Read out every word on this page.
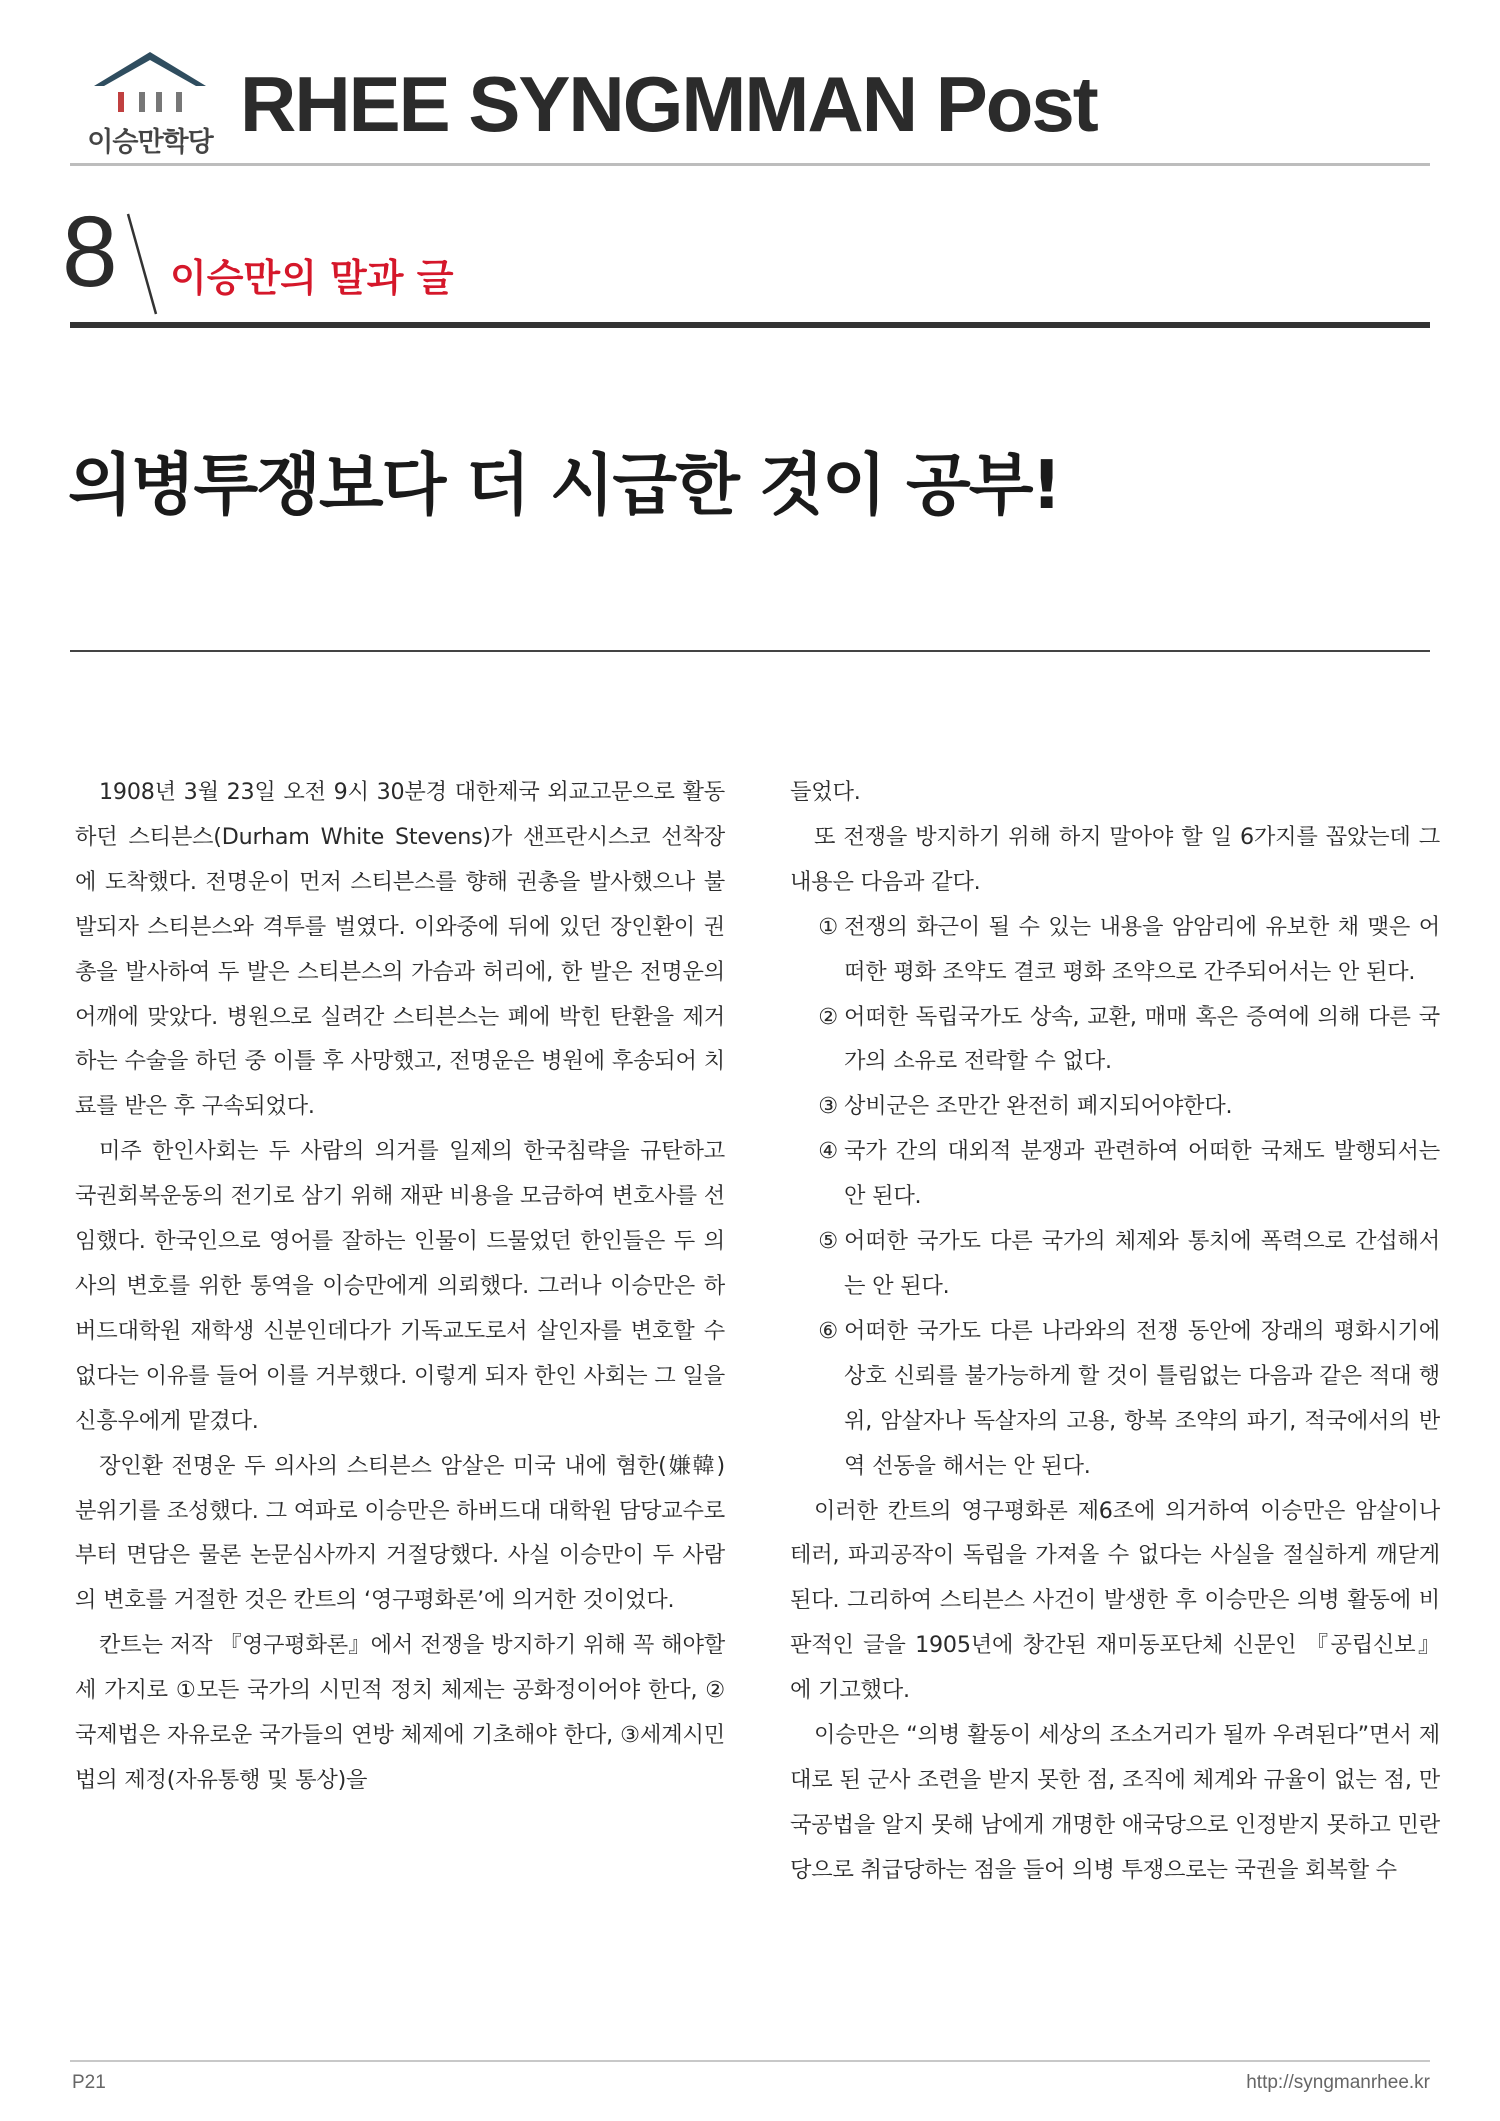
이승만학당 RHEE SYNGMMAN Post
8 이승만의 말과 글
의병투쟁보다 더 시급한 것이 공부!

1908년 3월 23일 오전 9시 30분경 대한제국 외교고문으로 활동하던 스티븐스(Durham White Stevens)가 샌프란시스코 선착장에 도착했다. 전명운이 먼저 스티븐스를 향해 권총을 발사했으나 불발되자 스티븐스와 격투를 벌였다. 이와중에 뒤에 있던 장인환이 권총을 발사하여 두 발은 스티븐스의 가슴과 허리에, 한 발은 전명운의 어깨에 맞았다. 병원으로 실려간 스티븐스는 폐에 박힌 탄환을 제거하는 수술을 하던 중 이틀 후 사망했고, 전명운은 병원에 후송되어 치료를 받은 후 구속되었다.

미주 한인사회는 두 사람의 의거를 일제의 한국침략을 규탄하고 국권회복운동의 전기로 삼기 위해 재판 비용을 모금하여 변호사를 선임했다. 한국인으로 영어를 잘하는 인물이 드물었던 한인들은 두 의사의 변호를 위한 통역을 이승만에게 의뢰했다. 그러나 이승만은 하버드대학원 재학생 신분인데다가 기독교도로서 살인자를 변호할 수 없다는 이유를 들어 이를 거부했다. 이렇게 되자 한인 사회는 그 일을 신흥우에게 맡겼다.

장인환 전명운 두 의사의 스티븐스 암살은 미국 내에 혐한(嫌韓) 분위기를 조성했다. 그 여파로 이승만은 하버드대 대학원 담당교수로부터 면담은 물론 논문심사까지 거절당했다. 사실 이승만이 두 사람의 변호를 거절한 것은 칸트의 ‘영구평화론’에 의거한 것이었다.

칸트는 저작 『영구평화론』에서 전쟁을 방지하기 위해 꼭 해야할 세 가지로 ①모든 국가의 시민적 정치 체제는 공화정이어야 한다, ②국제법은 자유로운 국가들의 연방 체제에 기초해야 한다, ③세계시민법의 제정(자유통행 및 통상)을

들었다.

또 전쟁을 방지하기 위해 하지 말아야 할 일 6가지를 꼽았는데 그 내용은 다음과 같다.

① 전쟁의 화근이 될 수 있는 내용을 암암리에 유보한 채 맺은 어떠한 평화 조약도 결코 평화 조약으로 간주되어서는 안 된다.
② 어떠한 독립국가도 상속, 교환, 매매 혹은 증여에 의해 다른 국가의 소유로 전락할 수 없다.
③ 상비군은 조만간 완전히 폐지되어야한다.
④ 국가 간의 대외적 분쟁과 관련하여 어떠한 국채도 발행되서는 안 된다.
⑤ 어떠한 국가도 다른 국가의 체제와 통치에 폭력으로 간섭해서는 안 된다.
⑥ 어떠한 국가도 다른 나라와의 전쟁 동안에 장래의 평화시기에 상호 신뢰를 불가능하게 할 것이 틀림없는 다음과 같은 적대 행위, 암살자나 독살자의 고용, 항복 조약의 파기, 적국에서의 반역 선동을 해서는 안 된다.

이러한 칸트의 영구평화론 제6조에 의거하여 이승만은 암살이나 테러, 파괴공작이 독립을 가져올 수 없다는 사실을 절실하게 깨닫게 된다. 그리하여 스티븐스 사건이 발생한 후 이승만은 의병 활동에 비판적인 글을 1905년에 창간된 재미동포단체 신문인 『공립신보』에 기고했다.

이승만은 “의병 활동이 세상의 조소거리가 될까 우려된다”면서 제대로 된 군사 조련을 받지 못한 점, 조직에 체계와 규율이 없는 점, 만국공법을 알지 못해 남에게 개명한 애국당으로 인정받지 못하고 민란당으로 취급당하는 점을 들어 의병 투쟁으로는 국권을 회복할 수

P21	http://syngmanrhee.kr
